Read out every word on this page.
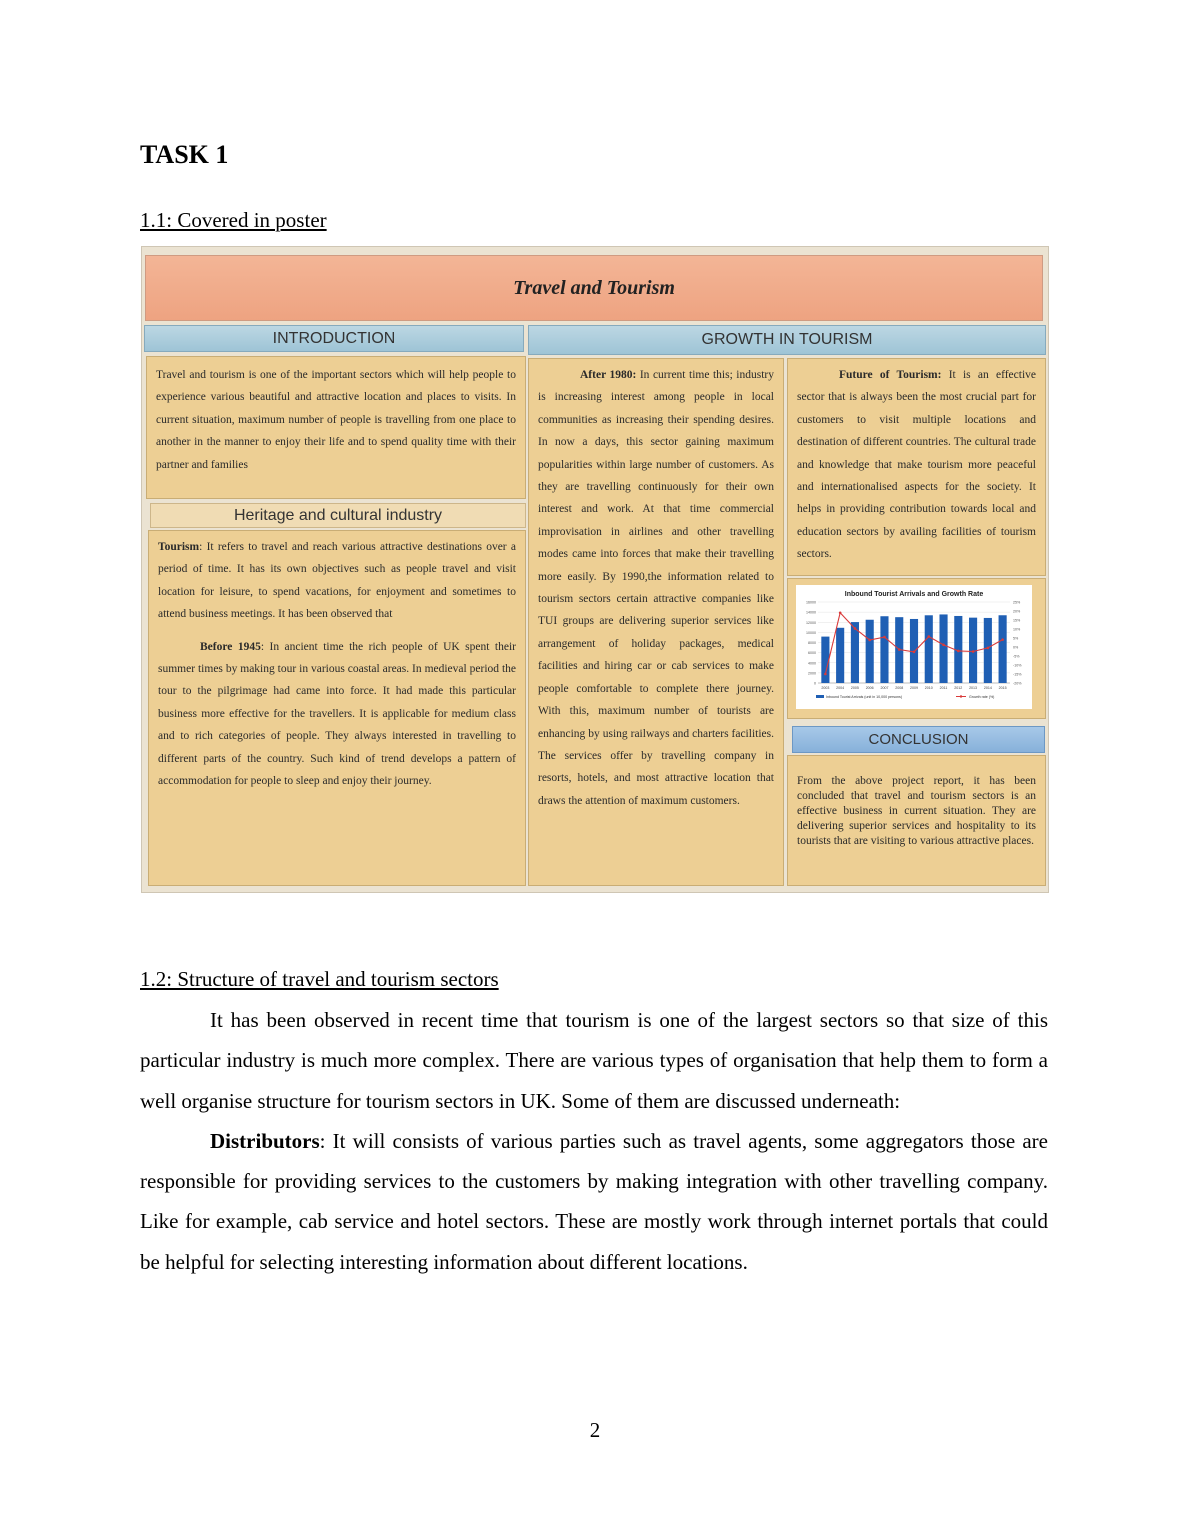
TASK 1

1.1: Covered in poster

Travel and Tourism
INTRODUCTION

Travel and tourism is one of the important sectors which will help people to experience various beautiful and attractive location and places to visits. In current situation, maximum number of people is travelling from one place to another in the manner to enjoy their life and to spend quality time with their partner and families

Heritage and cultural industry

Tourism: It refers to travel and reach various attractive destinations over a period of time. It has its own objectives such as people travel and visit location for leisure, to spend vacations, for enjoyment and sometimes to attend business meetings. It has been observed that

Before 1945: In ancient time the rich people of UK spent their summer times by making tour in various coastal areas. In medieval period the tour to the pilgrimage had came into force. It had made this particular business more effective for the travellers. It is applicable for medium class and to rich categories of people. They always interested in travelling to different parts of the country. Such kind of trend develops a pattern of accommodation for people to sleep and enjoy their journey.

GROWTH IN TOURISM

After 1980: In current time this; industry is increasing interest among people in local communities as increasing their spending desires. In now a days, this sector gaining maximum popularities within large number of customers. As they are travelling continuously for their own interest and work. At that time commercial improvisation in airlines and other travelling modes came into forces that make their travelling more easily. By 1990,the information related to tourism sectors certain attractive companies like TUI groups are delivering superior services like arrangement of holiday packages, medical facilities and hiring car or cab services to make people comfortable to complete there journey. With this, maximum number of tourists are enhancing by using railways and charters facilities. The services offer by travelling company in resorts, hotels, and most attractive location that draws the attention of maximum customers.

Future of Tourism: It is an effective sector that is always been the most crucial part for customers to visit multiple locations and destination of different countries. The cultural trade and knowledge that make tourism more peaceful and internationalised aspects for the society. It helps in providing contribution towards local and education sectors by availing facilities of tourism sectors.

Inbound Tourist Arrivals and Growth Rate
0
2000
4000
6000
8000
10000
12000
14000
16000
-20%
-15%
-10%
-5%
0%
5%
10%
15%
20%
25%
2003 2004 2005 2006 2007 2008 2009 2010 2011 2012 2013 2014 2015
Inbound Tourist Arrivals (unit in 10,000 persons)	Growth rate (%)
CONCLUSION

From the above project report, it has been concluded that travel and tourism sectors is an effective business in current situation. They are delivering superior services and hospitality to its tourists that are visiting to various attractive places.

1.2: Structure of travel and tourism sectors

It has been observed in recent time that tourism is one of the largest sectors so that size of this particular industry is much more complex. There are various types of organisation that help them to form a well organise structure for tourism sectors in UK. Some of them are discussed underneath:

Distributors: It will consists of various parties such as travel agents, some aggregators those are responsible for providing services to the customers by making integration with other travelling company. Like for example, cab service and hotel sectors. These are mostly work through internet portals that could be helpful for selecting interesting information about different locations.

2
